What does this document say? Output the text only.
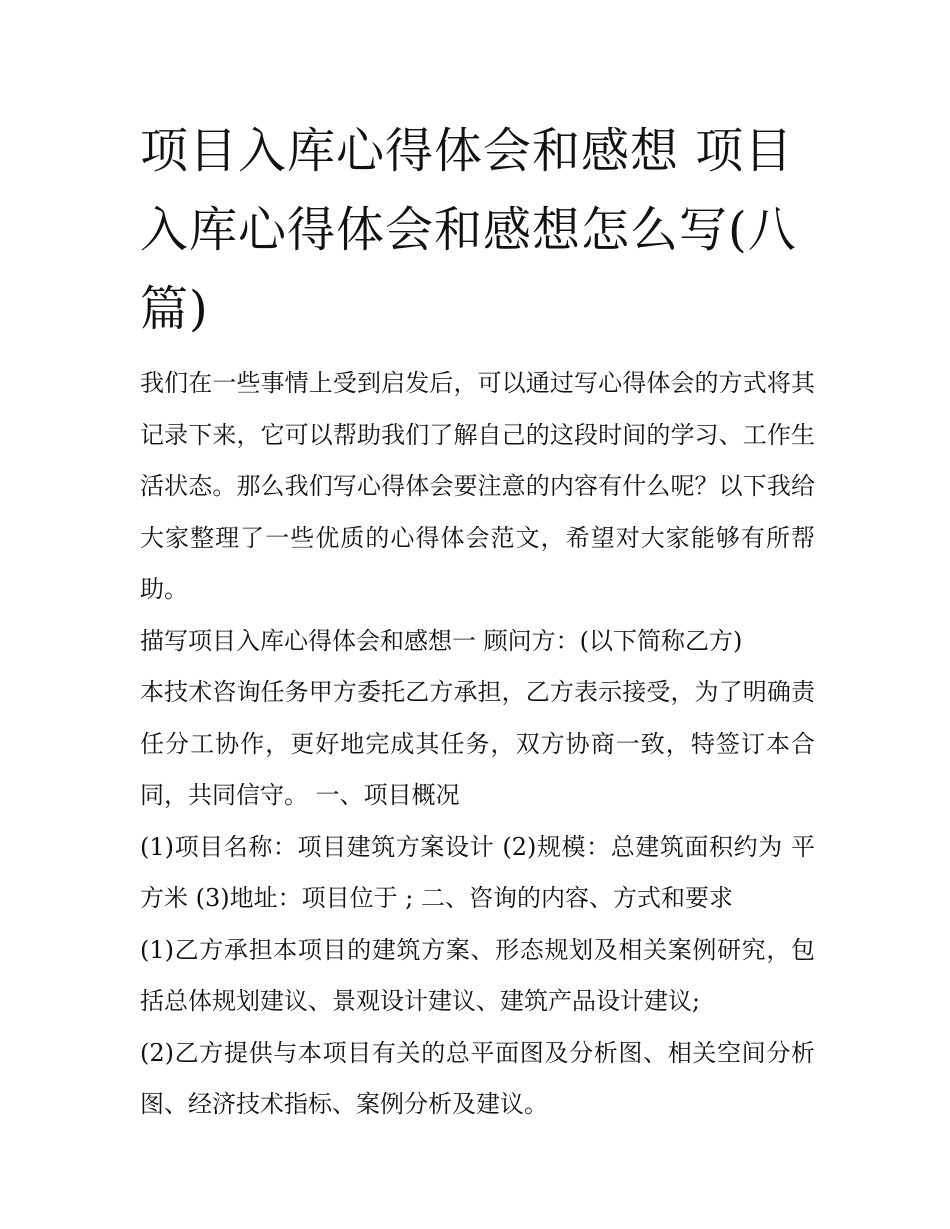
项目入库心得体会和感想 项目入库心得体会和感想怎么写(八篇)

我们在一些事情上受到启发后，可以通过写心得体会的方式将其记录下来，它可以帮助我们了解自己的这段时间的学习、工作生活状态。那么我们写心得体会要注意的内容有什么呢？以下我给大家整理了一些优质的心得体会范文，希望对大家能够有所帮助。

描写项目入库心得体会和感想一 顾问方：(以下简称乙方)

本技术咨询任务甲方委托乙方承担，乙方表示接受，为了明确责任分工协作，更好地完成其任务，双方协商一致，特签订本合同，共同信守。 一、项目概况

(1)项目名称：项目建筑方案设计 (2)规模：总建筑面积约为 平方米 (3)地址：项目位于 ; 二、咨询的内容、方式和要求

(1)乙方承担本项目的建筑方案、形态规划及相关案例研究，包括总体规划建议、景观设计建议、建筑产品设计建议;

(2)乙方提供与本项目有关的总平面图及分析图、相关空间分析图、经济技术指标、案例分析及建议。
